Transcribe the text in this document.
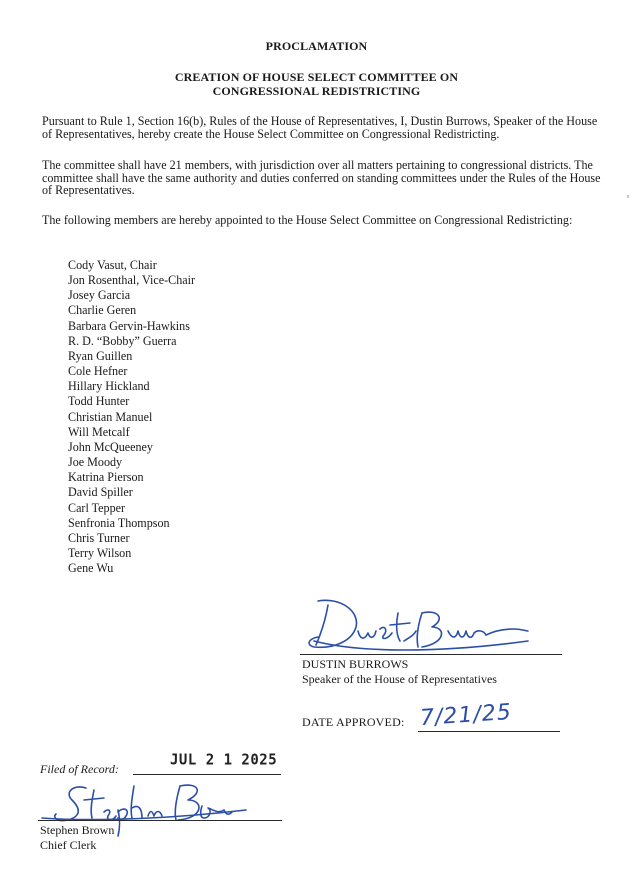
PROCLAMATION
CREATION OF HOUSE SELECT COMMITTEE ON
CONGRESSIONAL REDISTRICTING
Pursuant to Rule 1, Section 16(b), Rules of the House of Representatives, I, Dustin Burrows, Speaker of the House of Representatives, hereby create the House Select Committee on Congressional Redistricting.
The committee shall have 21 members, with jurisdiction over all matters pertaining to congressional districts. The committee shall have the same authority and duties conferred on standing committees under the Rules of the House of Representatives.
The following members are hereby appointed to the House Select Committee on Congressional Redistricting:
Cody Vasut, Chair
Jon Rosenthal, Vice-Chair
Josey Garcia
Charlie Geren
Barbara Gervin-Hawkins
R. D. “Bobby” Guerra
Ryan Guillen
Cole Hefner
Hillary Hickland
Todd Hunter
Christian Manuel
Will Metcalf
John McQueeney
Joe Moody
Katrina Pierson
David Spiller
Carl Tepper
Senfronia Thompson
Chris Turner
Terry Wilson
Gene Wu
DUSTIN BURROWS
Speaker of the House of Representatives
DATE APPROVED: 7/21/25
Filed of Record:
JUL 2 1 2025
Stephen Brown
Chief Clerk
